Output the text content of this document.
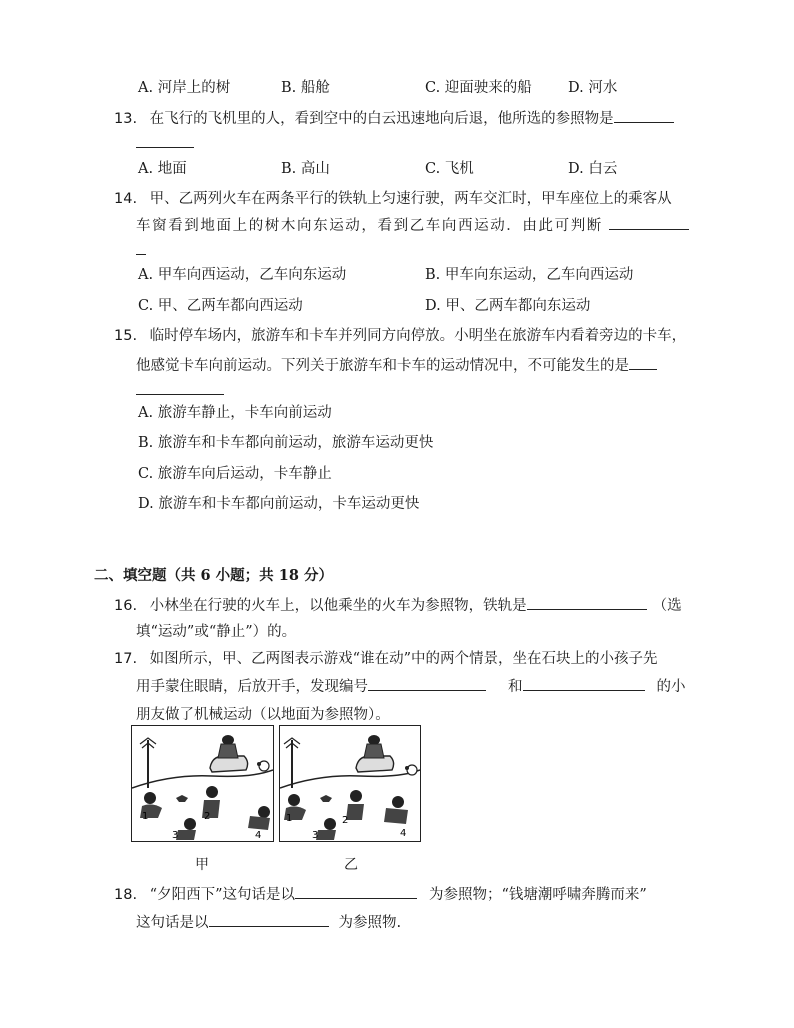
A. 河岸上的树	B. 船舱	C. 迎面驶来的船 D. 河水
13. 在飞行的飞机里的人，看到空中的白云迅速地向后退，他所选的参照物是
A. 地面	B. 高山	C. 飞机	D. 白云
14. 甲、乙两列火车在两条平行的铁轨上匀速行驶，两车交汇时，甲车座位上的乘客从
车窗看到地面上的树木向东运动，看到乙车向西运动．由此可判断
A. 甲车向西运动，乙车向东运动	B. 甲车向东运动，乙车向西运动
C. 甲、乙两车都向西运动	D. 甲、乙两车都向东运动
15. 临时停车场内，旅游车和卡车并列同方向停放。小明坐在旅游车内看着旁边的卡车，
他感觉卡车向前运动。下列关于旅游车和卡车的运动情况中，不可能发生的是
A. 旅游车静止，卡车向前运动
B. 旅游车和卡车都向前运动，旅游车运动更快
C. 旅游车向后运动，卡车静止
D. 旅游车和卡车都向前运动，卡车运动更快
二、填空题（共 6 小题；共 18 分）
16. 小林坐在行驶的火车上，以他乘坐的火车为参照物，铁轨是	（选
填“运动”或“静止”）的。
17. 如图所示，甲、乙两图表示游戏“谁在动”中的两个情景，坐在石块上的小孩子先
用手蒙住眼睛，后放开手，发现编号	和	的小
朋友做了机械运动（以地面为参照物）。
1	2
3	4
1	2
3	4
甲	乙
18. “夕阳西下”这句话是以	为参照物；“钱塘潮呼啸奔腾而来”
这句话是以	为参照物.
